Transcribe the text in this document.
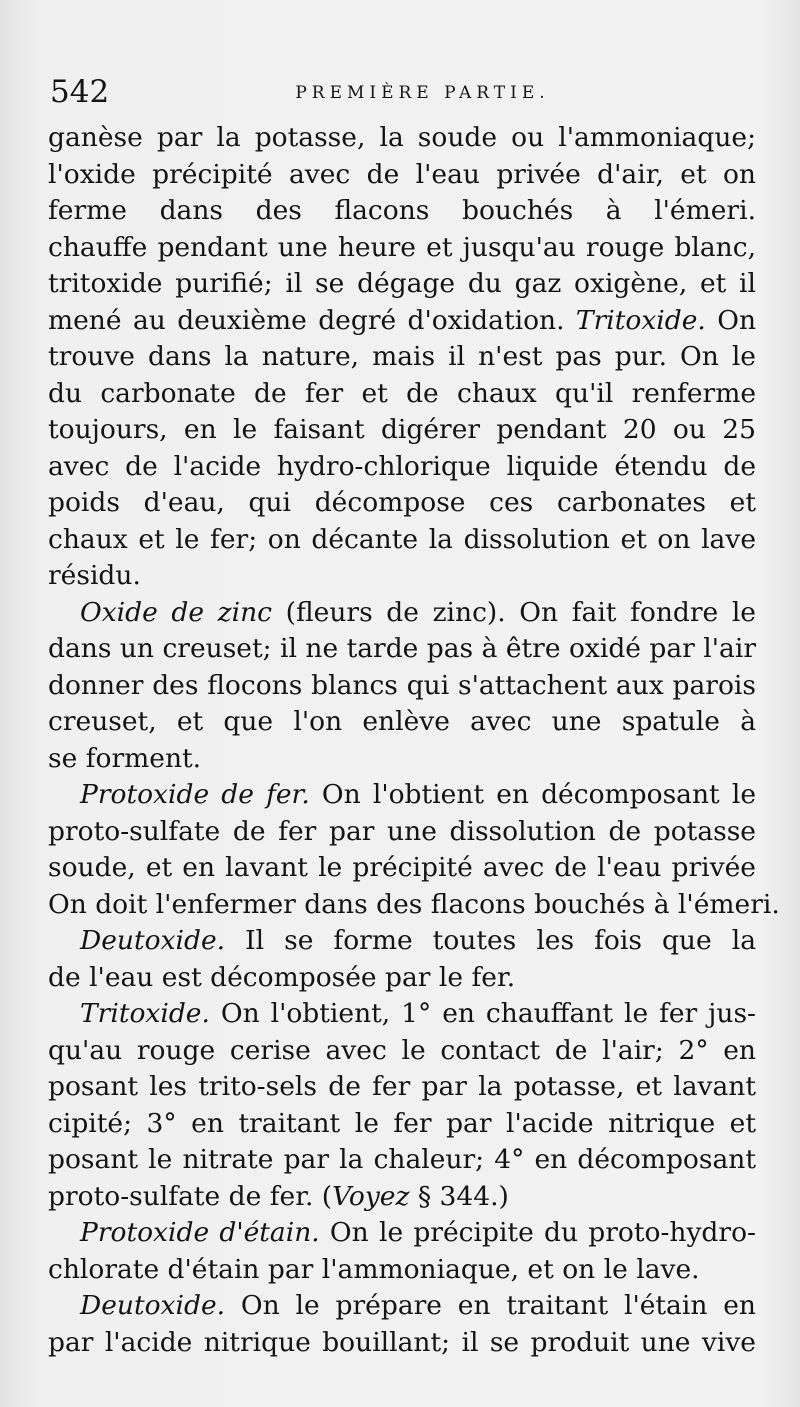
542	PREMIÈRE PARTIE.
ganèse par la potasse, la soude ou l'ammoniaque;
l'oxide précipité avec de l'eau privée d'air, et on
ferme dans des flacons bouchés à l'émeri.
chauffe pendant une heure et jusqu'au rouge blanc,
tritoxide purifié; il se dégage du gaz oxigène, et il
mené au deuxième degré d'oxidation. Tritoxide. On
trouve dans la nature, mais il n'est pas pur. On le
du carbonate de fer et de chaux qu'il renferme
toujours, en le faisant digérer pendant 20 ou 25
avec de l'acide hydro-chlorique liquide étendu de
poids d'eau, qui décompose ces carbonates et
chaux et le fer; on décante la dissolution et on lave
résidu.
Oxide de zinc (fleurs de zinc). On fait fondre le
dans un creuset; il ne tarde pas à être oxidé par l'air
donner des flocons blancs qui s'attachent aux parois
creuset, et que l'on enlève avec une spatule à
se forment.
Protoxide de fer. On l'obtient en décomposant le
proto-sulfate de fer par une dissolution de potasse
soude, et en lavant le précipité avec de l'eau privée
On doit l'enfermer dans des flacons bouchés à l'émeri.
Deutoxide. Il se forme toutes les fois que la
de l'eau est décomposée par le fer.
Tritoxide. On l'obtient, 1° en chauffant le fer jus-
qu'au rouge cerise avec le contact de l'air; 2° en
posant les trito-sels de fer par la potasse, et lavant
cipité; 3° en traitant le fer par l'acide nitrique et
posant le nitrate par la chaleur; 4° en décomposant
proto-sulfate de fer. (Voyez § 344.)
Protoxide d'étain. On le précipite du proto-hydro-
chlorate d'étain par l'ammoniaque, et on le lave.
Deutoxide. On le prépare en traitant l'étain en
par l'acide nitrique bouillant; il se produit une vive
